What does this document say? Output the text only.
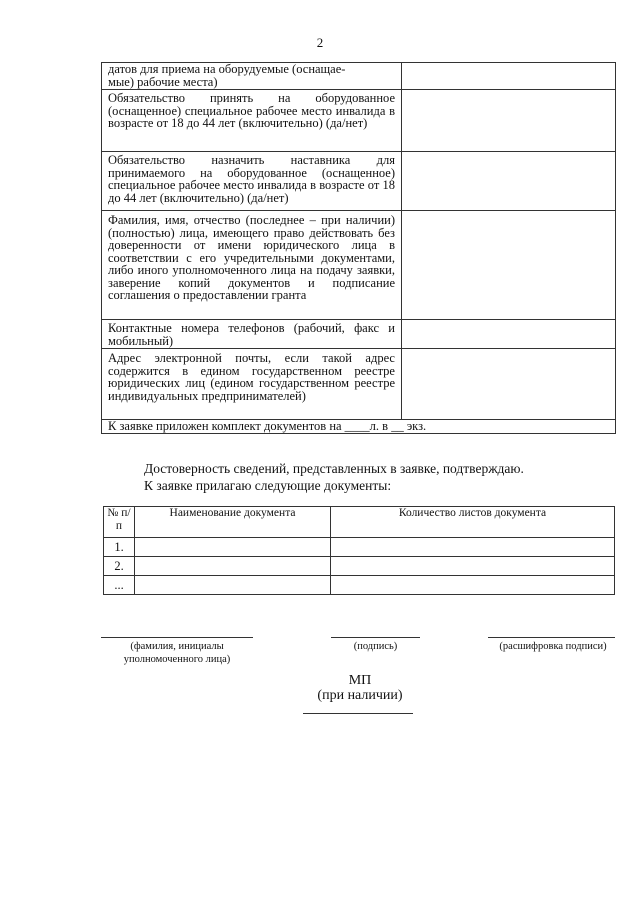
2
датов для приема на оборудуемые (оснащае-
мые) рабочие места)	
Обязательство принять на оборудованное (оснащенное) специальное рабочее место инвалида в возрасте от 18 до 44 лет (включительно) (да/нет)	
Обязательство назначить наставника для принимаемого на оборудованное (оснащенное) специальное рабочее место инвалида в возрасте от 18 до 44 лет (включительно) (да/нет)	
Фамилия, имя, отчество (последнее – при наличии) (полностью) лица, имеющего право действовать без доверенности от имени юридического лица в соответствии с его учредительными документами, либо иного уполномоченного лица на подачу заявки, заверение копий документов и подписание соглашения о предоставлении гранта	
Контактные номера телефонов (рабочий, факс и мобильный)	
Адрес электронной почты, если такой адрес содержится в едином государственном реестре юридических лиц (едином государственном реестре индивидуальных предпринимателей)	
К заявке приложен комплект документов на ____л. в __ экз.	
Достоверность сведений, представленных в заявке, подтверждаю.
К заявке прилагаю следующие документы:
№ п/п	Наименование документа	Количество листов документа
1.		
2.		
...		
(фамилия, инициалы уполномоченного лица)
(подпись)	(расшифровка подписи)
МП
(при наличии)
